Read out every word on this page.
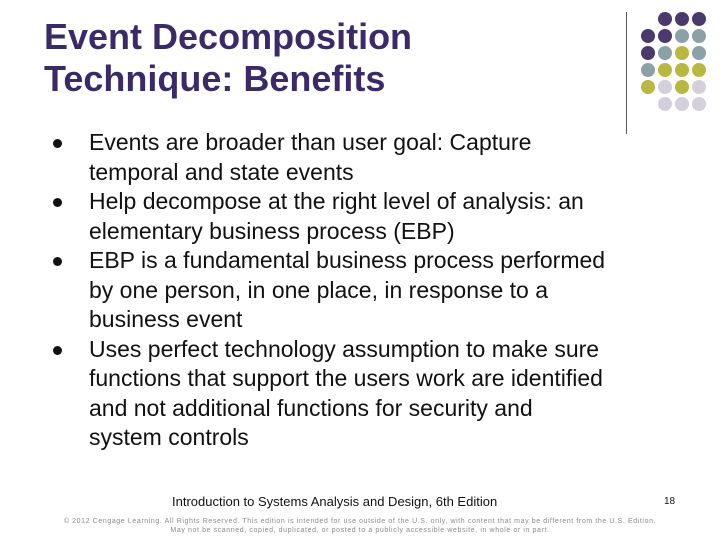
Event Decomposition
Technique: Benefits
Events are broader than user goal: Capture
temporal and state events
Help decompose at the right level of analysis: an
elementary business process (EBP)
EBP is a fundamental business process performed
by one person, in one place, in response to a
business event
Uses perfect technology assumption to make sure
functions that support the users work are identified
and not additional functions for security and
system controls
Introduction to Systems Analysis and Design, 6th Edition	18
© 2012 Cengage Learning. All Rights Reserved. This edition is intended for use outside of the U.S. only, with content that may be different from the U.S. Edition.
May not be scanned, copied, duplicated, or posted to a publicly accessible website, in whole or in part.
